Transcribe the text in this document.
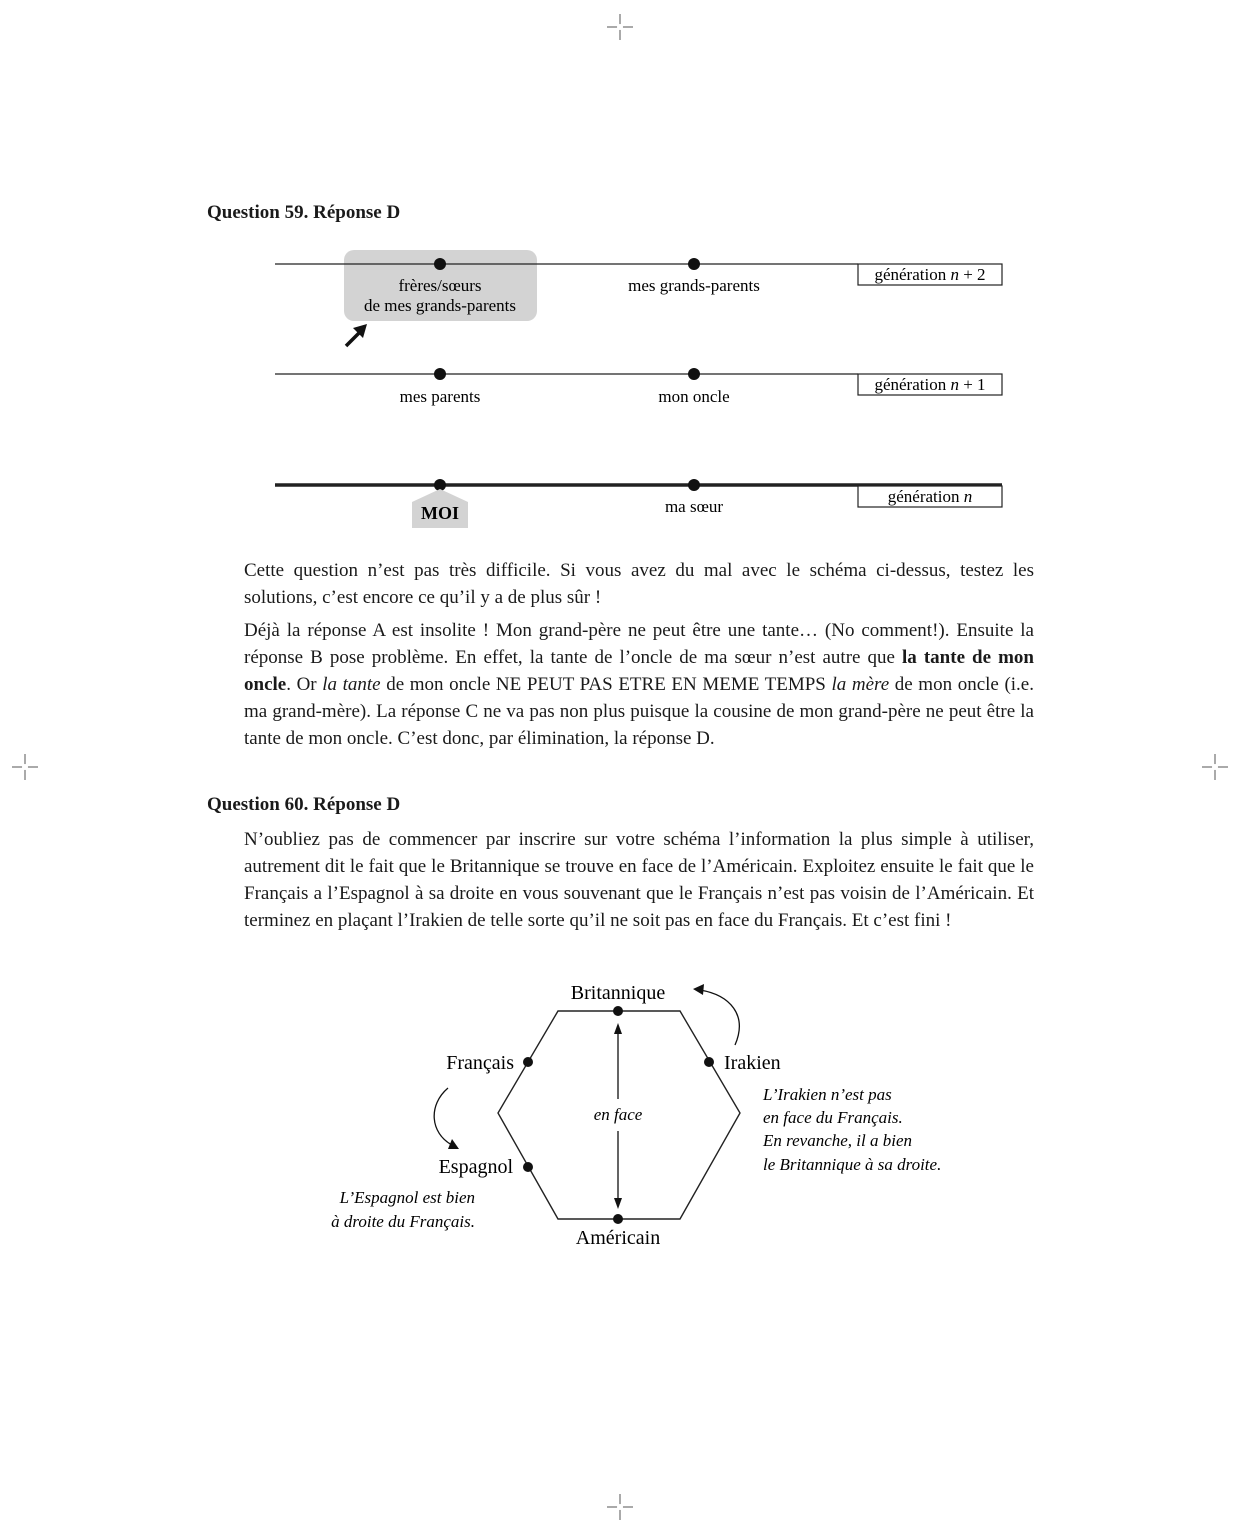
Question 59. Réponse D
génération n + 2
génération n + 1
génération n
frères/sœurs
de mes grands-parents
mes grands-parents
mes parents	mon oncle
ma sœur
MOI

Cette question n’est pas très difficile. Si vous avez du mal avec le schéma ci-dessus, testez les solutions, c’est encore ce qu’il y a de plus sûr !

Déjà la réponse A est insolite ! Mon grand-père ne peut être une tante… (No comment!). Ensuite la réponse B pose problème. En effet, la tante de l’oncle de ma sœur n’est autre que la tante de mon oncle. Or la tante de mon oncle NE PEUT PAS ETRE EN MEME TEMPS la mère de mon oncle (i.e. ma grand-mère). La réponse C ne va pas non plus puisque la cousine de mon grand-père ne peut être la tante de mon oncle. C’est donc, par élimination, la réponse D.

Question 60. Réponse D

N’oubliez pas de commencer par inscrire sur votre schéma l’information la plus simple à utiliser, autrement dit le fait que le Britannique se trouve en face de l’Américain. Exploitez ensuite le fait que le Français a l’Espagnol à sa droite en vous souvenant que le Français n’est pas voisin de l’Américain. Et terminez en plaçant l’Irakien de telle sorte qu’il ne soit pas en face du Français. Et c’est fini !

en face
Britannique
Français	Irakien
Espagnol
Américain
L’Irakien n’est pas
en face du Français.
En revanche, il a bien
le Britannique à sa droite.
L’Espagnol est bien
à droite du Français.
